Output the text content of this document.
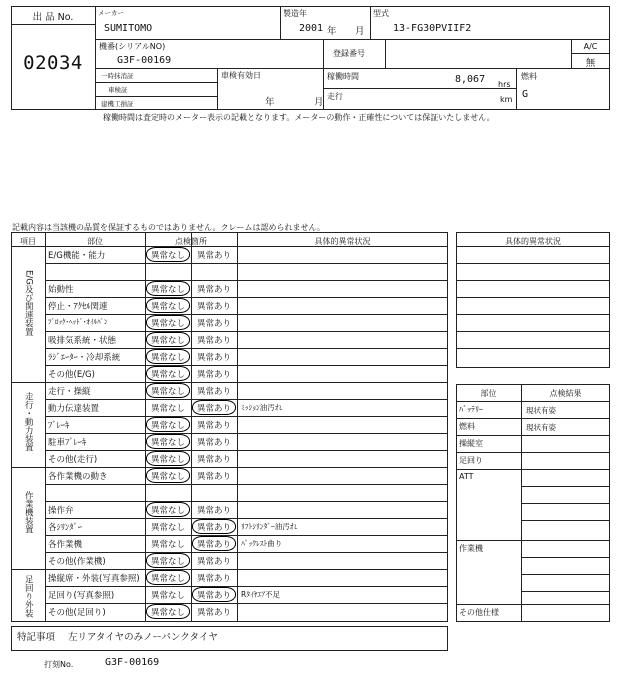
出 品 No.
02034
メーカー
SUMITOMO
製造年
2001 年 月
型式
13-FG30PVIIF2
機番(シリアルNO)
G3F-00169
登録番号
A/C
無
一時抹消証
車検証
建機工損証
車検有効日
年	月
稼働時間	8,067 hrs
走行	km
燃料
G
稼働時間は査定時のメーター表示の記載となります。メーターの動作・正確性については保証いたしません。
記載内容は当該機の品質を保証するものではありません。クレームは認められません。
項目	部位	点検箇所	具体的異常状況
E/G及び関連装置
走行・動力装置
作業機装置
足回り外装
E/G機能・能力	異常なし	異常あり
始動性	異常なし	異常あり
停止・ｱｸｾﾙ関連	異常なし	異常あり
ﾌﾞﾛｯｸ･ﾍｯﾄﾞ･ｵｲﾙﾊﾟﾝ	異常なし	異常あり
吸排気系統・状態	異常なし	異常あり
ﾗｼﾞｴｰﾀｰ・冷却系統	異常なし	異常あり
その他(E/G)	異常なし	異常あり
走行・操縦	異常なし	異常あり
動力伝達装置	異常なし	異常あり	ﾐｯｼｮﾝ油汚れ
ﾌﾞﾚｰｷ	異常なし	異常あり
駐車ﾌﾞﾚｰｷ	異常なし	異常あり
その他(走行)	異常なし	異常あり
各作業機の動き	異常なし	異常あり
操作弁	異常なし	異常あり
各ｼﾘﾝﾀﾞｰ	異常なし	異常あり	ﾘﾌﾄｼﾘﾝﾀﾞｰ油汚れ
各作業機	異常なし	異常あり	ﾊﾞｯｸﾚｽﾄ曲り
その他(作業機)	異常なし	異常あり
操縦席・外装(写真参照)	異常なし	異常あり
足回り(写真参照)	異常なし	異常あり	Rﾀｲﾔｴｱ不足
その他(足回り)	異常なし	異常あり
特記事項 左リアタイヤのみノーパンクタイヤ
打刻No.	G3F-00169
具体的異常状況
部位	点検結果
ﾊﾞｯﾃﾘｰ	現状有姿
燃料	現状有姿
操縦室
足回り
ATT
作業機
その他仕様
